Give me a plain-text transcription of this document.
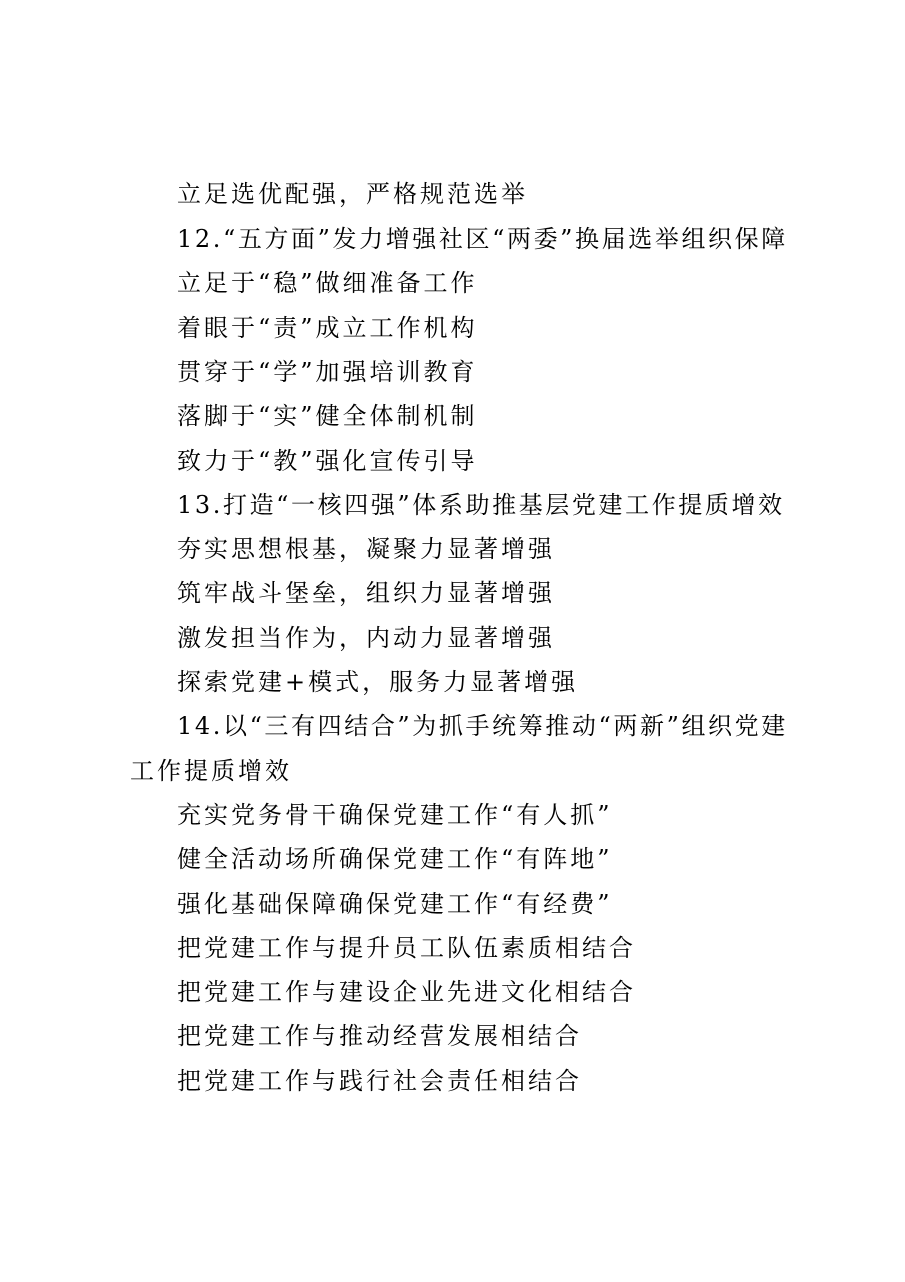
立足选优配强，严格规范选举
12.“五方面”发力增强社区“两委”换届选举组织保障
立足于“稳”做细准备工作
着眼于“责”成立工作机构
贯穿于“学”加强培训教育
落脚于“实”健全体制机制
致力于“教”强化宣传引导
13.打造“一核四强”体系助推基层党建工作提质增效
夯实思想根基，凝聚力显著增强
筑牢战斗堡垒，组织力显著增强
激发担当作为，内动力显著增强
探索党建+模式，服务力显著增强
14.以“三有四结合”为抓手统筹推动“两新”组织党建
工作提质增效
充实党务骨干确保党建工作“有人抓”
健全活动场所确保党建工作“有阵地”
强化基础保障确保党建工作“有经费”
把党建工作与提升员工队伍素质相结合
把党建工作与建设企业先进文化相结合
把党建工作与推动经营发展相结合
把党建工作与践行社会责任相结合
